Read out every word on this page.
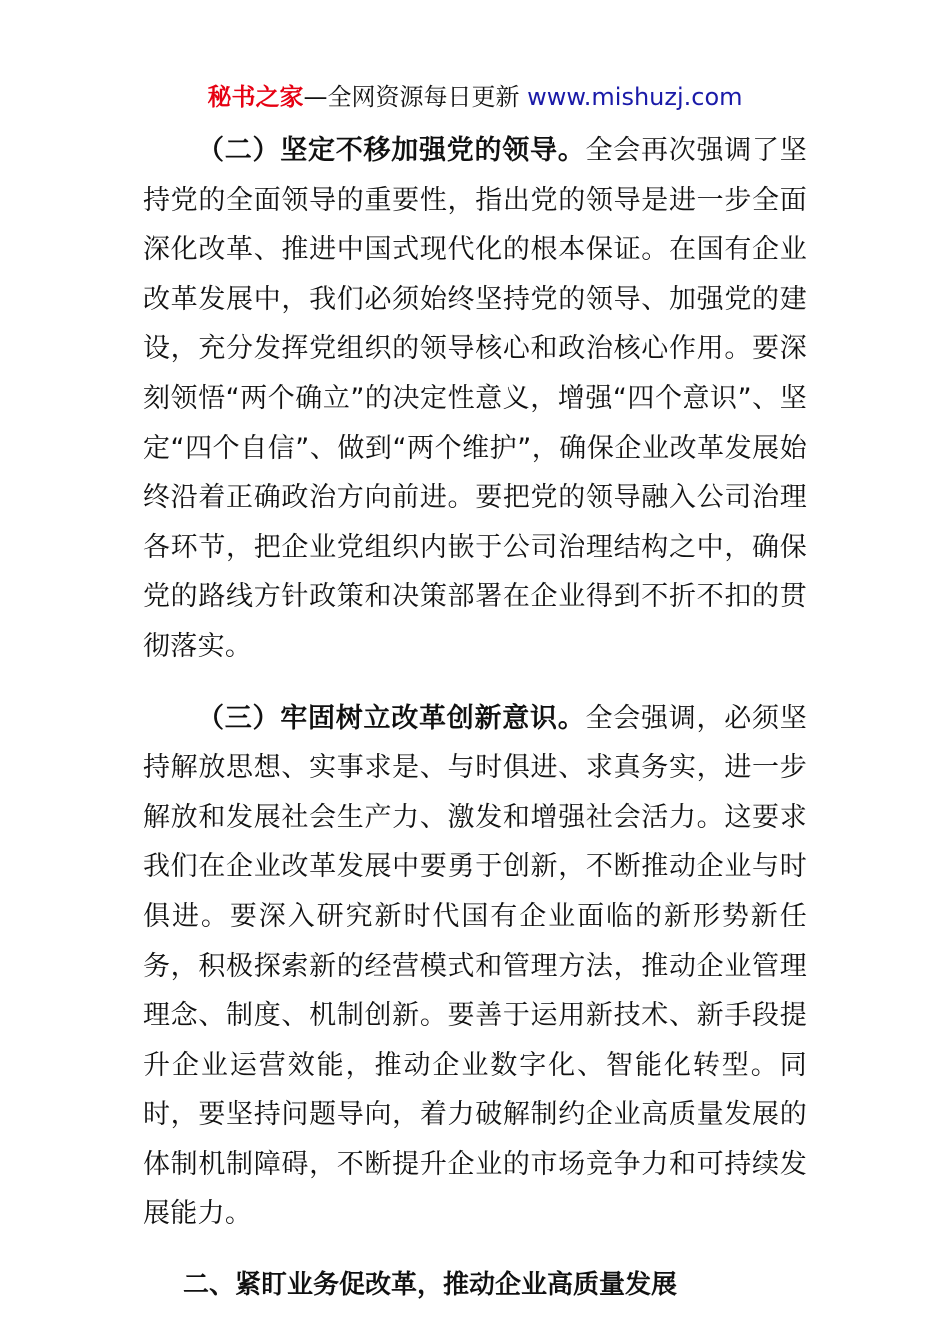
秘书之家—全网资源每日更新 www.mishuzj.com

（二）坚定不移加强党的领导。全会再次强调了坚持党的全面领导的重要性，指出党的领导是进一步全面深化改革、推进中国式现代化的根本保证。在国有企业改革发展中，我们必须始终坚持党的领导、加强党的建设，充分发挥党组织的领导核心和政治核心作用。要深刻领悟“两个确立”的决定性意义，增强“四个意识”、坚定“四个自信”、做到“两个维护”，确保企业改革发展始终沿着正确政治方向前进。要把党的领导融入公司治理各环节，把企业党组织内嵌于公司治理结构之中，确保党的路线方针政策和决策部署在企业得到不折不扣的贯彻落实。

（三）牢固树立改革创新意识。全会强调，必须坚持解放思想、实事求是、与时俱进、求真务实，进一步解放和发展社会生产力、激发和增强社会活力。这要求我们在企业改革发展中要勇于创新，不断推动企业与时俱进。要深入研究新时代国有企业面临的新形势新任务，积极探索新的经营模式和管理方法，推动企业管理理念、制度、机制创新。要善于运用新技术、新手段提升企业运营效能，推动企业数字化、智能化转型。同时，要坚持问题导向，着力破解制约企业高质量发展的体制机制障碍，不断提升企业的市场竞争力和可持续发展能力。

二、紧盯业务促改革，推动企业高质量发展
